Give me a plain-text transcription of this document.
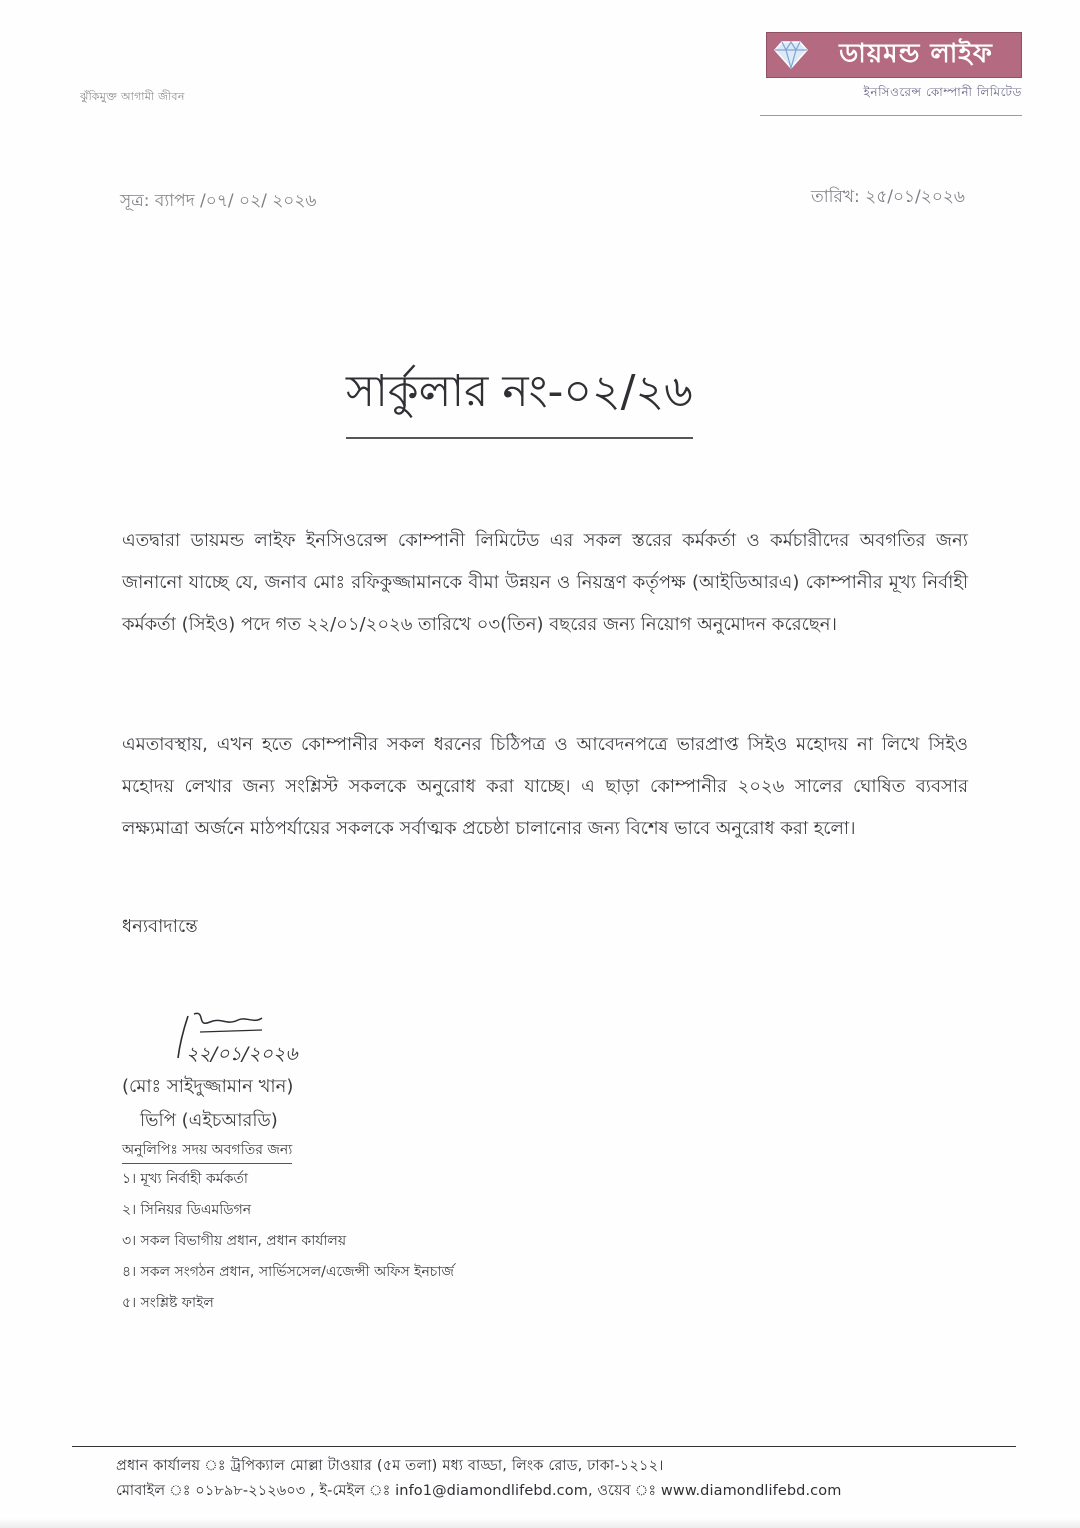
ঝুঁকিমুক্ত আগামী জীবন
ডায়মন্ড লাইফ
ইনসিওরেন্স কোম্পানী লিমিটেড
সূত্র: ব্যাপদ /০৭/ ০২/ ২০২৬	তারিখ: ২৫/০১/২০২৬
সার্কুলার নং-০২/২৬
এতদ্বারা ডায়মন্ড লাইফ ইনসিওরেন্স কোম্পানী লিমিটেড এর সকল স্তরের কর্মকর্তা ও কর্মচারীদের অবগতির জন্য জানানো যাচ্ছে যে, জনাব মোঃ রফিকুজ্জামানকে বীমা উন্নয়ন ও নিয়ন্ত্রণ কর্তৃপক্ষ (আইডিআরএ) কোম্পানীর মূখ্য নির্বাহী কর্মকর্তা (সিইও) পদে গত ২২/০১/২০২৬ তারিখে ০৩(তিন) বছরের জন্য নিয়োগ অনুমোদন করেছেন।
এমতাবস্থায়, এখন হতে কোম্পানীর সকল ধরনের চিঠিপত্র ও আবেদনপত্রে ভারপ্রাপ্ত সিইও মহোদয় না লিখে সিইও মহোদয় লেখার জন্য সংশ্লিস্ট সকলকে অনুরোধ করা যাচ্ছে। এ ছাড়া কোম্পানীর ২০২৬ সালের ঘোষিত ব্যবসার লক্ষ্যমাত্রা অর্জনে মাঠপর্যায়ের সকলকে সর্বাত্মক প্রচেষ্ঠা চালানোর জন্য বিশেষ ভাবে অনুরোধ করা হলো।
ধন্যবাদান্তে
২২/০১/২০২৬
(মোঃ সাইদুজ্জামান খান)
ভিপি (এইচআরডি)
অনুলিপিঃ সদয় অবগতির জন্য
১। মূখ্য নির্বাহী কর্মকর্তা
২। সিনিয়র ডিএমডিগন
৩। সকল বিভাগীয় প্রধান, প্রধান কার্যালয়
৪। সকল সংগঠন প্রধান, সার্ভিসসেল/এজেন্সী অফিস ইনচার্জ
৫। সংশ্লিষ্ট ফাইল
প্রধান কার্যালয় ঃ ট্রপিক্যাল মোল্লা টাওয়ার (৫ম তলা) মধ্য বাড্ডা, লিংক রোড, ঢাকা-১২১২।
মোবাইল ঃ ০১৮৯৮-২১২৬০৩ , ই-মেইল ঃ info1@diamondlifebd.com, ওয়েব ঃ www.diamondlifebd.com
